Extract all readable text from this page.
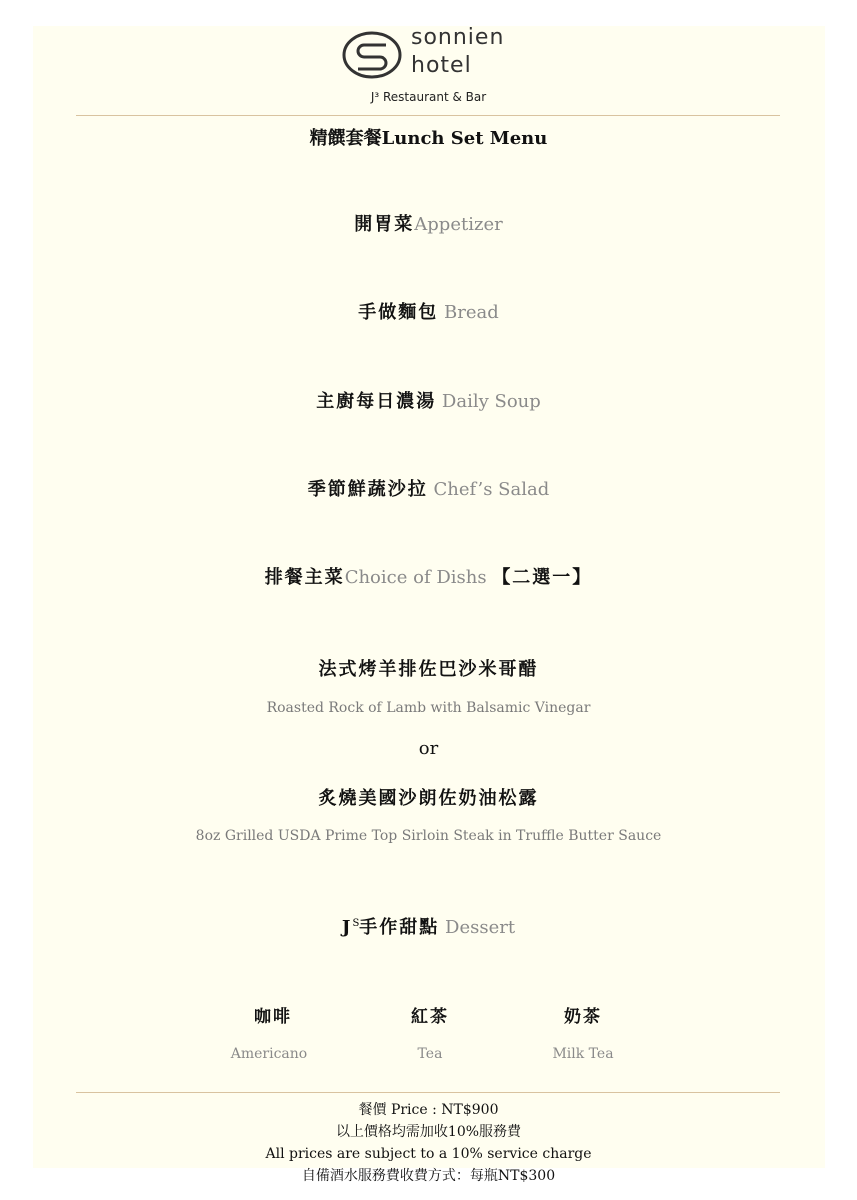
sonnien
hotel
J³ Restaurant & Bar
精饌套餐Lunch Set Menu
開胃菜Appetizer
手做麵包 Bread
主廚每日濃湯 Daily Soup
季節鮮蔬沙拉 Chef’s Salad
排餐主菜Choice of Dishs 【二選一】
法式烤羊排佐巴沙米哥醋
Roasted Rock of Lamb with Balsamic Vinegar
or
炙燒美國沙朗佐奶油松露
8oz Grilled USDA Prime Top Sirloin Steak in Truffle Butter Sauce
$J^S$手作甜點 Dessert
咖啡
Americano
紅茶
Tea
奶茶
Milk Tea
餐價 Price : NT$900
以上價格均需加收10%服務費
All prices are subject to a 10% service charge
自備酒水服務費收費方式：每瓶NT$300
